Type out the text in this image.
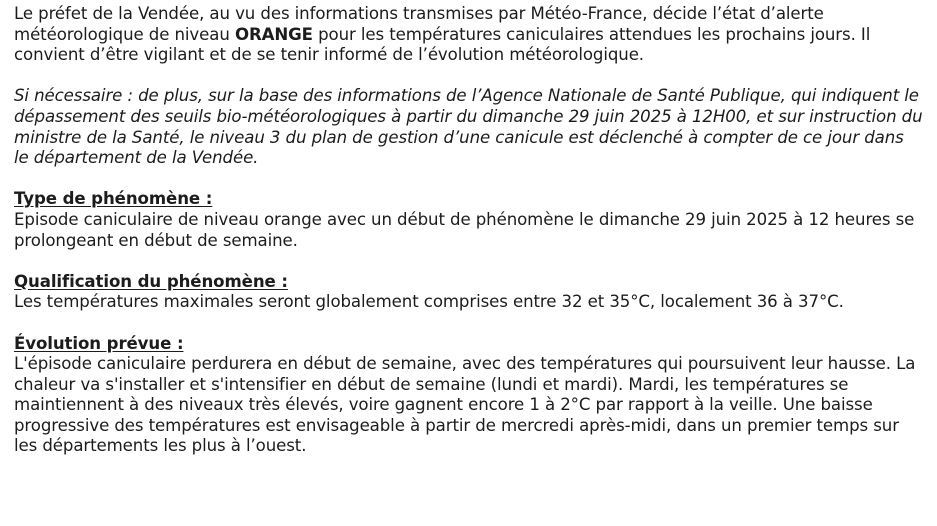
Le préfet de la Vendée, au vu des informations transmises par Météo-France, décide l’état d’alerte météorologique de niveau ORANGE pour les températures caniculaires attendues les prochains jours. Il convient d’être vigilant et de se tenir informé de l’évolution météorologique.

Si nécessaire : de plus, sur la base des informations de l’Agence Nationale de Santé Publique, qui indiquent le dépassement des seuils bio-météorologiques à partir du dimanche 29 juin 2025 à 12H00, et sur instruction du ministre de la Santé, le niveau 3 du plan de gestion d’une canicule est déclenché à compter de ce jour dans le département de la Vendée.

Type de phénomène :

Episode caniculaire de niveau orange avec un début de phénomène le dimanche 29 juin 2025 à 12 heures se prolongeant en début de semaine.

Qualification du phénomène :

Les températures maximales seront globalement comprises entre 32 et 35°C, localement 36 à 37°C.

Évolution prévue :

L'épisode caniculaire perdurera en début de semaine, avec des températures qui poursuivent leur hausse. La chaleur va s'installer et s'intensifier en début de semaine (lundi et mardi). Mardi, les températures se maintiennent à des niveaux très élevés, voire gagnent encore 1 à 2°C par rapport à la veille. Une baisse progressive des températures est envisageable à partir de mercredi après-midi, dans un premier temps sur les départements les plus à l’ouest.
